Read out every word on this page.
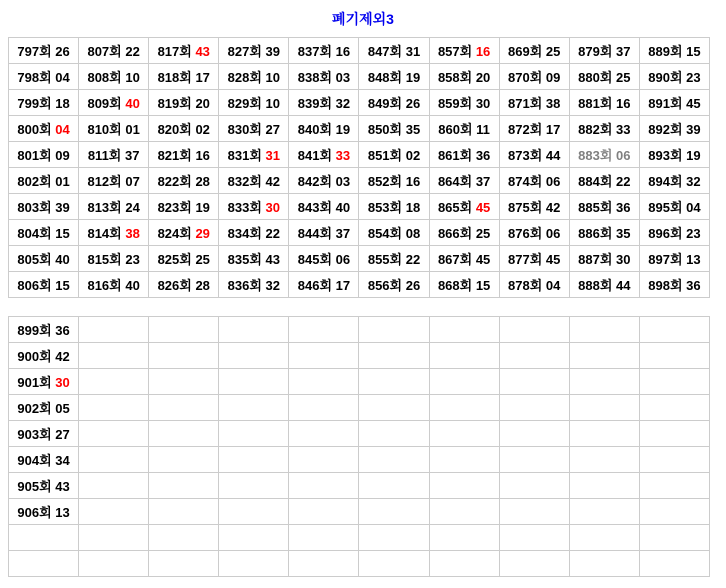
폐기제외3
797회 26	807회 22	817회 43	827회 39	837회 16	847회 31	857회 16	869회 25	879회 37	889회 15
798회 04	808회 10	818회 17	828회 10	838회 03	848회 19	858회 20	870회 09	880회 25	890회 23
799회 18	809회 40	819회 20	829회 10	839회 32	849회 26	859회 30	871회 38	881회 16	891회 45
800회 04	810회 01	820회 02	830회 27	840회 19	850회 35	860회 11	872회 17	882회 33	892회 39
801회 09	811회 37	821회 16	831회 31	841회 33	851회 02	861회 36	873회 44	883회 06	893회 19
802회 01	812회 07	822회 28	832회 42	842회 03	852회 16	864회 37	874회 06	884회 22	894회 32
803회 39	813회 24	823회 19	833회 30	843회 40	853회 18	865회 45	875회 42	885회 36	895회 04
804회 15	814회 38	824회 29	834회 22	844회 37	854회 08	866회 25	876회 06	886회 35	896회 23
805회 40	815회 23	825회 25	835회 43	845회 06	855회 22	867회 45	877회 45	887회 30	897회 13
806회 15	816회 40	826회 28	836회 32	846회 17	856회 26	868회 15	878회 04	888회 44	898회 36
899회 36									
900회 42									
901회 30									
902회 05									
903회 27									
904회 34									
905회 43									
906회 13									
